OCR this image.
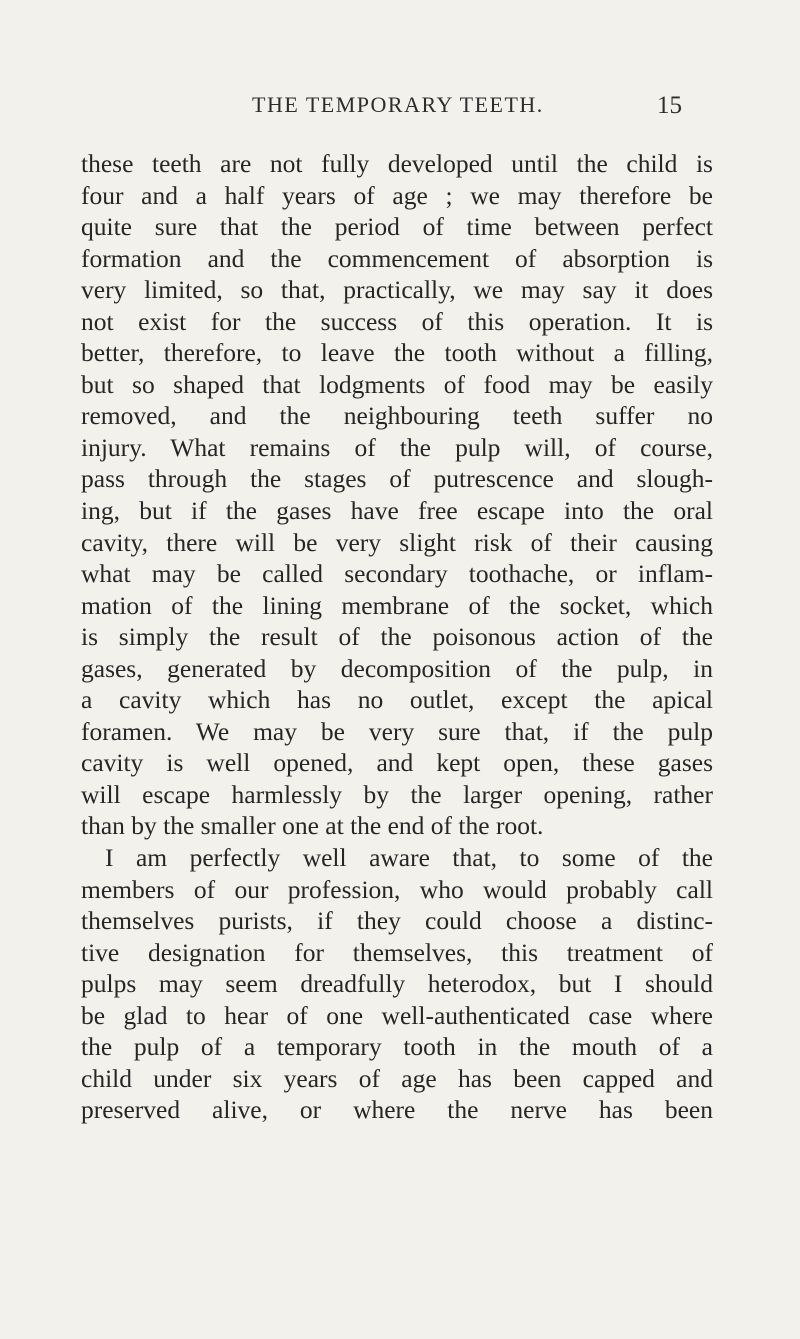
THE TEMPORARY TEETH.	15
these teeth are not fully developed until the child is
four and a half years of age ; we may therefore be
quite sure that the period of time between perfect
formation and the commencement of absorption is
very limited, so that, practically, we may say it does
not exist for the success of this operation. It is
better, therefore, to leave the tooth without a filling,
but so shaped that lodgments of food may be easily
removed, and the neighbouring teeth suffer no
injury. What remains of the pulp will, of course,
pass through the stages of putrescence and slough-
ing, but if the gases have free escape into the oral
cavity, there will be very slight risk of their causing
what may be called secondary toothache, or inflam-
mation of the lining membrane of the socket, which
is simply the result of the poisonous action of the
gases, generated by decomposition of the pulp, in
a cavity which has no outlet, except the apical
foramen. We may be very sure that, if the pulp
cavity is well opened, and kept open, these gases
will escape harmlessly by the larger opening, rather
than by the smaller one at the end of the root.
I am perfectly well aware that, to some of the
members of our profession, who would probably call
themselves purists, if they could choose a distinc-
tive designation for themselves, this treatment of
pulps may seem dreadfully heterodox, but I should
be glad to hear of one well-authenticated case where
the pulp of a temporary tooth in the mouth of a
child under six years of age has been capped and
preserved alive, or where the nerve has been
